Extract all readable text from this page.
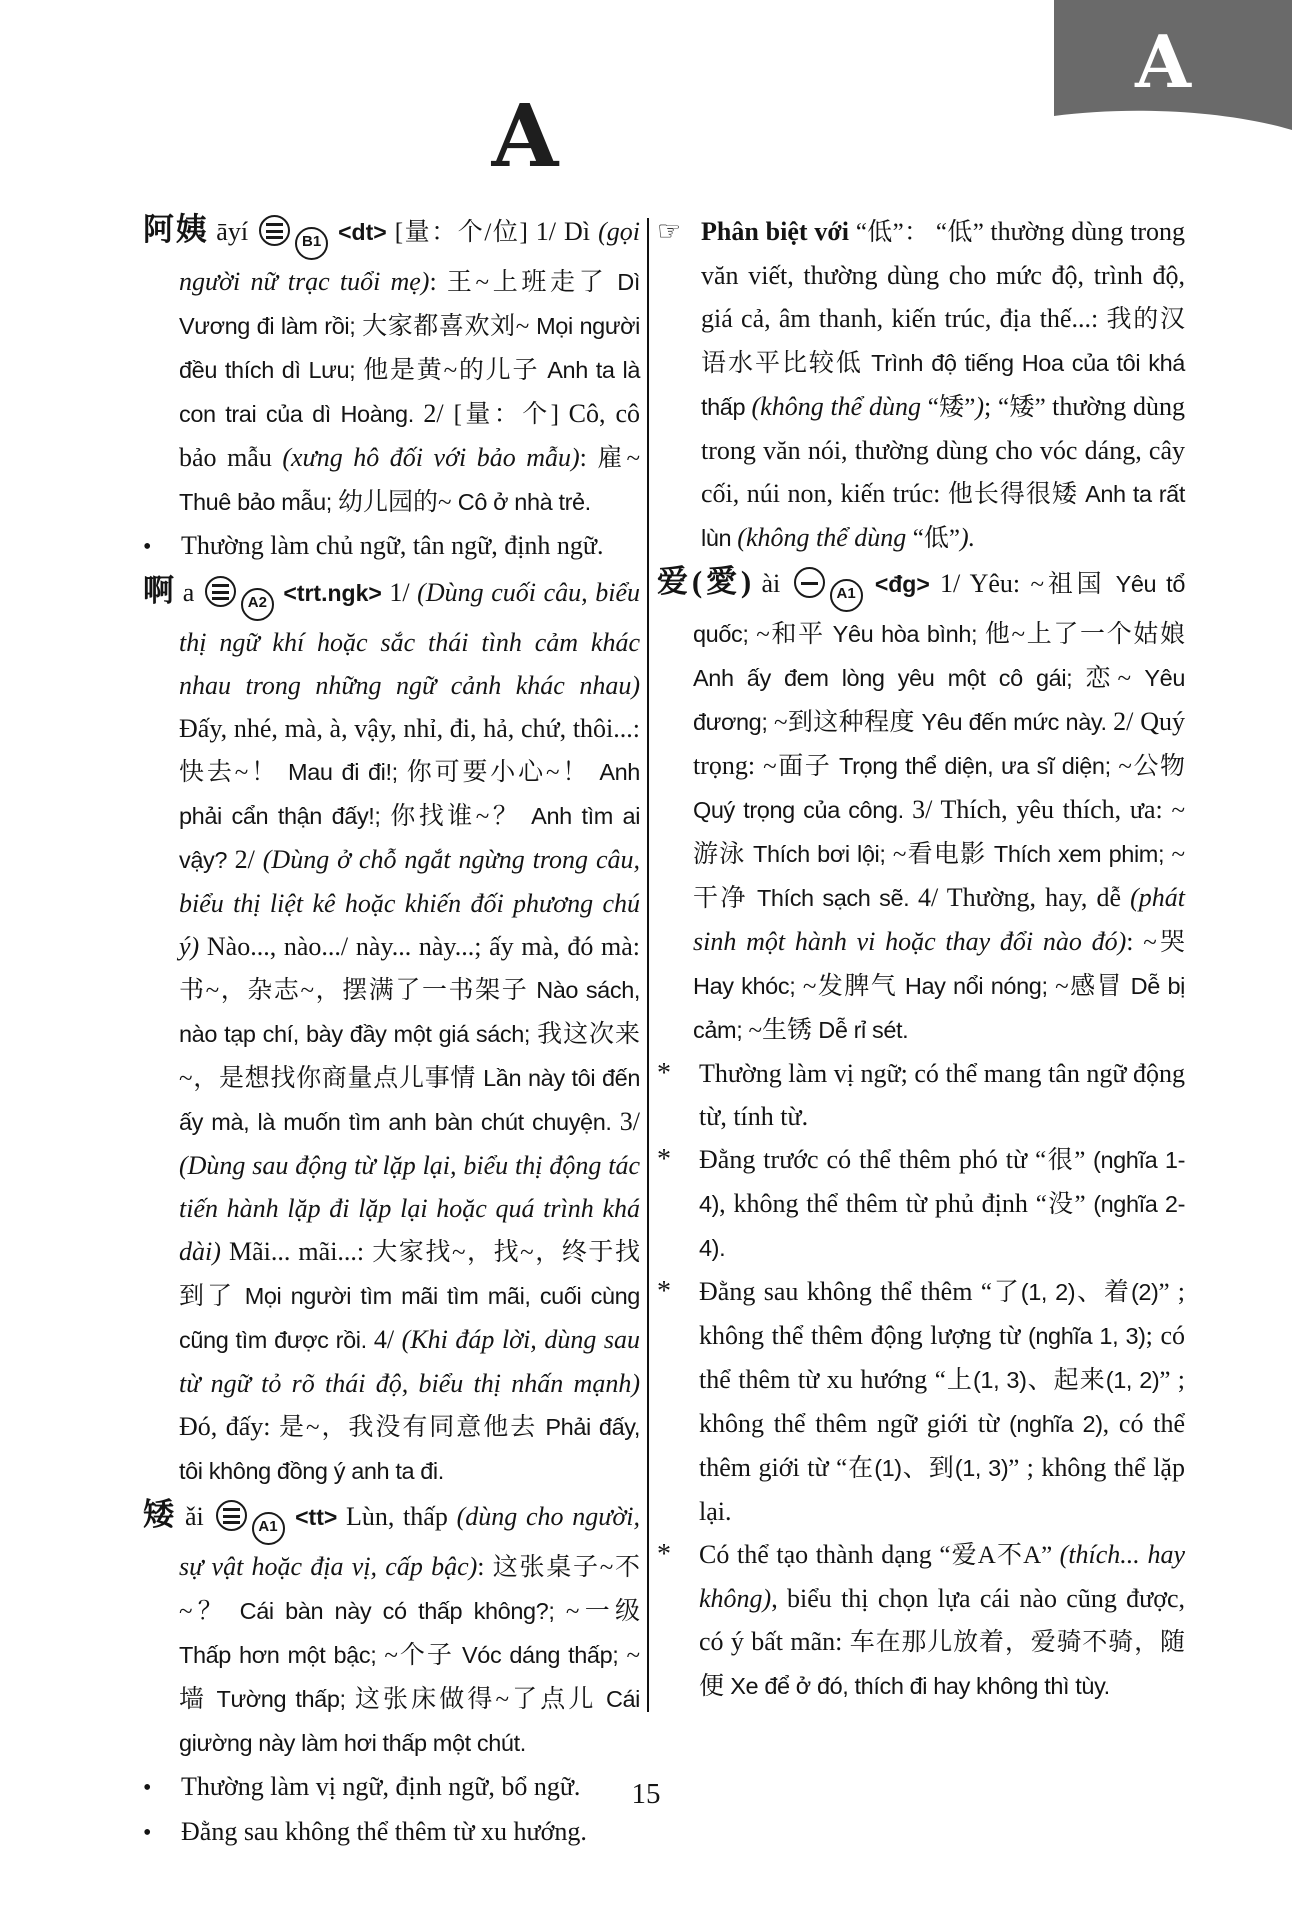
A
A

阿姨 āyí	B1 <dt> [量：个/位] 1/ Dì (gọi người nữ trạc tuổi mẹ): 王~上班走了 Dì Vương đi làm rồi; 大家都喜欢刘~ Mọi người đều thích dì Lưu; 他是黄~的儿子 Anh ta là con trai của dì Hoàng. 2/ [量：个] Cô, cô bảo mẫu (xưng hô đối với bảo mẫu): 雇~ Thuê bảo mẫu; 幼儿园的~ Cô ở nhà trẻ.

• Thường làm chủ ngữ, tân ngữ, định ngữ.

啊 a	A2 <trt.ngk> 1/ (Dùng cuối câu, biểu thị ngữ khí hoặc sắc thái tình cảm khác nhau trong những ngữ cảnh khác nhau) Đấy, nhé, mà, à, vậy, nhỉ, đi, hả, chứ, thôi...: 快去~！ Mau đi đi!; 你可要小心~！ Anh phải cẩn thận đấy!; 你找谁~？ Anh tìm ai vậy? 2/ (Dùng ở chỗ ngắt ngừng trong câu, biểu thị liệt kê hoặc khiến đối phương chú ý) Nào..., nào.../ này... này...; ấy mà, đó mà: 书~，杂志~，摆满了一书架子 Nào sách, nào tạp chí, bày đầy một giá sách; 我这次来~，是想找你商量点儿事情 Lần này tôi đến ấy mà, là muốn tìm anh bàn chút chuyện. 3/ (Dùng sau động từ lặp lại, biểu thị động tác tiến hành lặp đi lặp lại hoặc quá trình khá dài) Mãi... mãi...: 大家找~，找~，终于找到了 Mọi người tìm mãi tìm mãi, cuối cùng cũng tìm được rồi. 4/ (Khi đáp lời, dùng sau từ ngữ tỏ rõ thái độ, biểu thị nhấn mạnh) Đó, đấy: 是~，我没有同意他去 Phải đấy, tôi không đồng ý anh ta đi.

矮 ǎi	A1 <tt> Lùn, thấp (dùng cho người, sự vật hoặc địa vị, cấp bậc): 这张桌子~不~？ Cái bàn này có thấp không?; ~一级 Thấp hơn một bậc; ~个子 Vóc dáng thấp; ~墙 Tường thấp; 这张床做得~了点儿 Cái giường này làm hơi thấp một chút.

• Thường làm vị ngữ, định ngữ, bổ ngữ.

• Đằng sau không thể thêm từ xu hướng.

☞ Phân biệt với “低”： “低” thường dùng trong văn viết, thường dùng cho mức độ, trình độ, giá cả, âm thanh, kiến trúc, địa thế...: 我的汉语水平比较低 Trình độ tiếng Hoa của tôi khá thấp (không thể dùng “矮”); “矮” thường dùng trong văn nói, thường dùng cho vóc dáng, cây cối, núi non, kiến trúc: 他长得很矮 Anh ta rất lùn (không thể dùng “低”).

爱(愛) ài	A1 <đg> 1/ Yêu: ~祖国 Yêu tổ quốc; ~和平 Yêu hòa bình; 他~上了一个姑娘 Anh ấy đem lòng yêu một cô gái; 恋~ Yêu đương; ~到这种程度 Yêu đến mức này. 2/ Quý trọng: ~面子 Trọng thể diện, ưa sĩ diện; ~公物 Quý trọng của công. 3/ Thích, yêu thích, ưa: ~游泳 Thích bơi lội; ~看电影 Thích xem phim; ~干净 Thích sạch sẽ. 4/ Thường, hay, dễ (phát sinh một hành vi hoặc thay đổi nào đó): ~哭 Hay khóc; ~发脾气 Hay nổi nóng; ~感冒 Dễ bị cảm; ~生锈 Dễ rỉ sét.

* Thường làm vị ngữ; có thể mang tân ngữ động từ, tính từ.

* Đằng trước có thể thêm phó từ “很” (nghĩa 1-4), không thể thêm từ phủ định “没” (nghĩa 2-4).

* Đằng sau không thể thêm “了(1, 2)、着(2)” ; không thể thêm động lượng từ (nghĩa 1, 3); có thể thêm từ xu hướng “上(1, 3)、起来(1, 2)” ; không thể thêm ngữ giới từ (nghĩa 2), có thể thêm giới từ “在(1)、到(1, 3)” ; không thể lặp lại.

* Có thể tạo thành dạng “爱A不A” (thích... hay không), biểu thị chọn lựa cái nào cũng được, có ý bất mãn: 车在那儿放着，爱骑不骑，随便 Xe để ở đó, thích đi hay không thì tùy.

15
